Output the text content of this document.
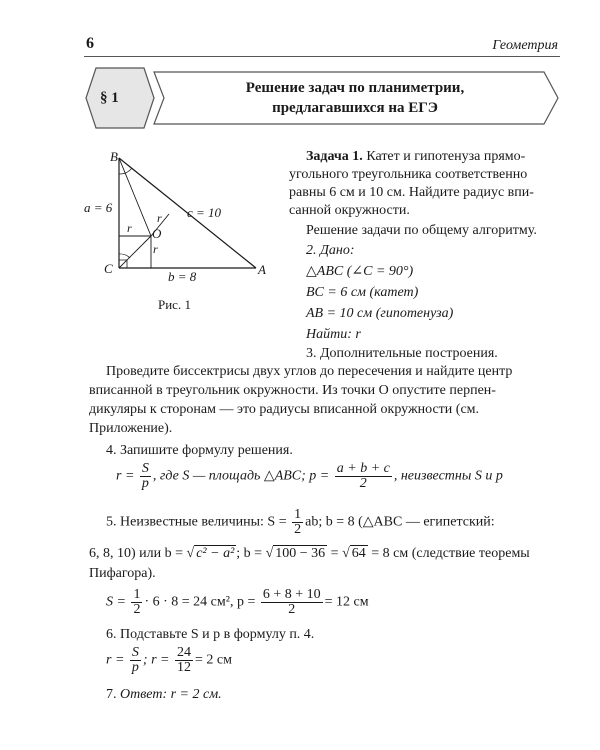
6	Геометрия
§ 1
Решение задач по планиметрии,
предлагавшихся на ЕГЭ
B
C	A
O
a = 6	c = 10
b = 8
r
r
r
Рис. 1
Задача 1. Катет и гипотенуза прямо-
угольного треугольника соответственно
равны 6 см и 10 см. Найдите радиус впи-
санной окружности.
Решение задачи по общему алгоритму.
2. Дано:
△ABC (∠C = 90°)
BC = 6 см (катет)
AB = 10 см (гипотенуза)
Найти: r
3. Дополнительные построения.
Проведите биссектрисы двух углов до пересечения и найдите центр
вписанной в треугольник окружности. Из точки O опустите перпен-
дикуляры к сторонам — это радиусы вписанной окружности (см.
Приложение).
4. Запишите формулу решения.
$r = \frac{S}{p}$ , где S — площадь △ABC; $p = \frac{a + b + c}{2}$ , неизвестны S и p
5. Неизвестные величины: $S = \frac{1}{2}$ ab; b = 8 (△ABC — египетский:
6, 8, 10) или b = √ c² − a² ; b = √ 100 − 36 = √ 64 = 8 см (следствие теоремы
Пифагора).
$S = \frac{1}{2} \cdot 6 \cdot 8 = 24$ см², $p = \frac{6 + 8 + 10}{2} = 12$ см
6. Подставьте S и p в формулу п. 4.
$r = \frac{S}{p}$ ; $r = \frac{24}{12} = 2$ см
7. Ответ: r = 2 см.
